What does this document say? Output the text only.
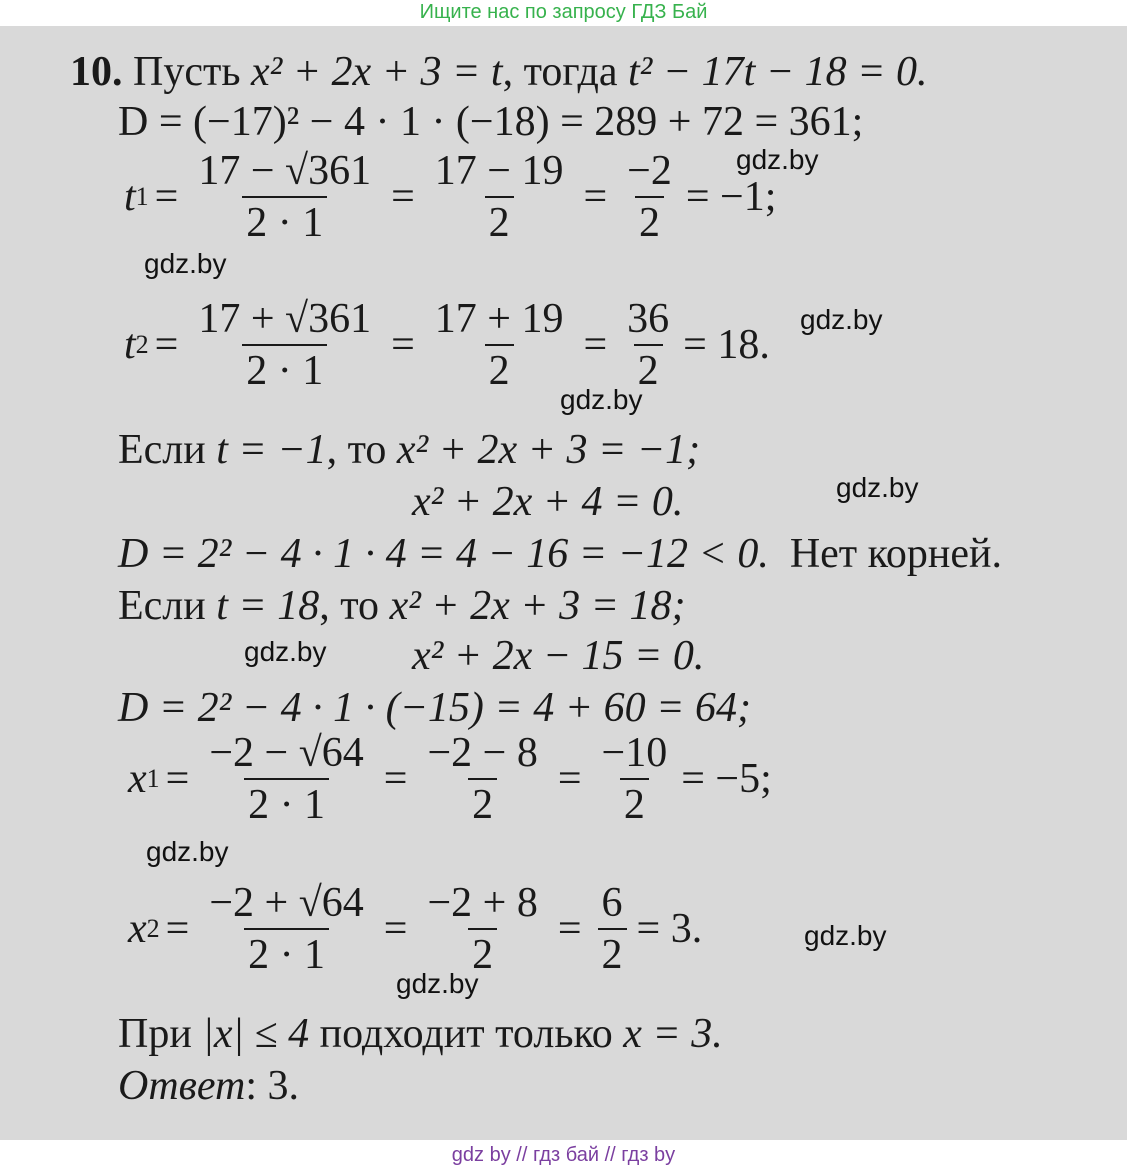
Ищите нас по запросу ГДЗ Бай

10. Пусть x² + 2x + 3 = t, тогда t² − 17t − 18 = 0.
D = (−17)² − 4 · 1 · (−18) = 289 + 72 = 361;
t $1 = \frac{17 - √361}{2 \cdot 1} = \frac{17 - 19}{2} = \frac{-2}{2} = -1$;
t $2 = \frac{17 + √361}{2 \cdot 1} = \frac{17 + 19}{2} = \frac{36}{2} = 18$.
Если t = −1, то x² + 2x + 3 = −1;
x² + 2x + 4 = 0.
D = 2² − 4 · 1 · 4 = 4 − 16 = −12 < 0. Нет корней.
Если t = 18, то x² + 2x + 3 = 18;
x² + 2x − 15 = 0.
D = 2² − 4 · 1 · (−15) = 4 + 60 = 64;
x $1 = \frac{-2 - √64}{2 \cdot 1} = \frac{-2 - 8}{2} = \frac{-10}{2} = -5$;
x $2 = \frac{-2 + √64}{2 \cdot 1} = \frac{-2 + 8}{2} = \frac{6}{2} = 3$.
При |x| ≤ 4 подходит только x = 3.
Ответ: 3.
gdz.by
gdz.by
gdz.by
gdz.by
gdz.by
gdz.by
gdz.by
gdz.by
gdz.by
gdz by // гдз бай // гдз by
